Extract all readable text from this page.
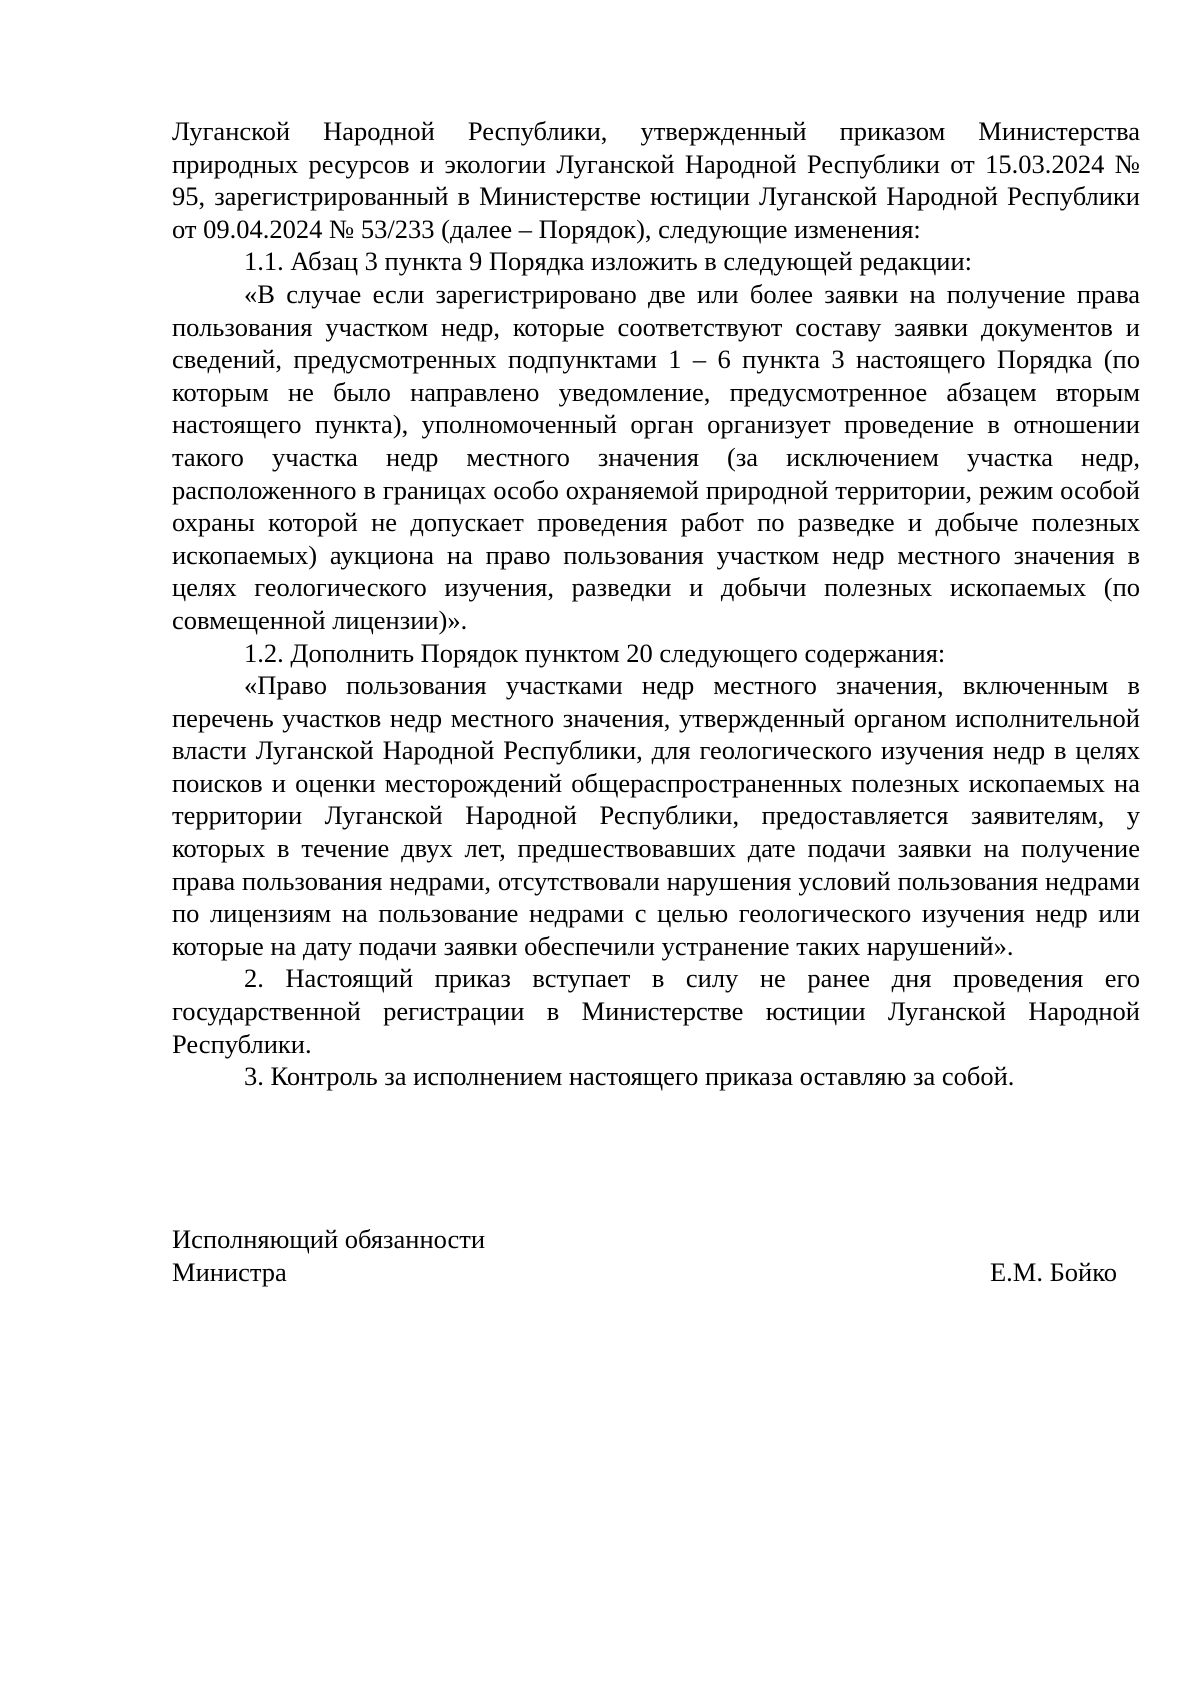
Луганской Народной Республики, утвержденный приказом Министерства природных ресурсов и экологии Луганской Народной Республики от 15.03.2024 № 95, зарегистрированный в Министерстве юстиции Луганской Народной Республики от 09.04.2024 № 53/233 (далее – Порядок), следующие изменения:

1.1. Абзац 3 пункта 9 Порядка изложить в следующей редакции:

«В случае если зарегистрировано две или более заявки на получение права пользования участком недр, которые соответствуют составу заявки документов и сведений, предусмотренных подпунктами 1 – 6 пункта 3 настоящего Порядка (по которым не было направлено уведомление, предусмотренное абзацем вторым настоящего пункта), уполномоченный орган организует проведение в отношении такого участка недр местного значения (за исключением участка недр, расположенного в границах особо охраняемой природной территории, режим особой охраны которой не допускает проведения работ по разведке и добыче полезных ископаемых) аукциона на право пользования участком недр местного значения в целях геологического изучения, разведки и добычи полезных ископаемых (по совмещенной лицензии)».

1.2. Дополнить Порядок пунктом 20 следующего содержания:

«Право пользования участками недр местного значения, включенным в перечень участков недр местного значения, утвержденный органом исполнительной власти Луганской Народной Республики, для геологического изучения недр в целях поисков и оценки месторождений общераспространенных полезных ископаемых на территории Луганской Народной Республики, предоставляется заявителям, у которых в течение двух лет, предшествовавших дате подачи заявки на получение права пользования недрами, отсутствовали нарушения условий пользования недрами по лицензиям на пользование недрами с целью геологического изучения недр или которые на дату подачи заявки обеспечили устранение таких нарушений».

2. Настоящий приказ вступает в силу не ранее дня проведения его государственной регистрации в Министерстве юстиции Луганской Народной Республики.

3. Контроль за исполнением настоящего приказа оставляю за собой.

Исполняющий обязанности

Министра	Е.М. Бойко
